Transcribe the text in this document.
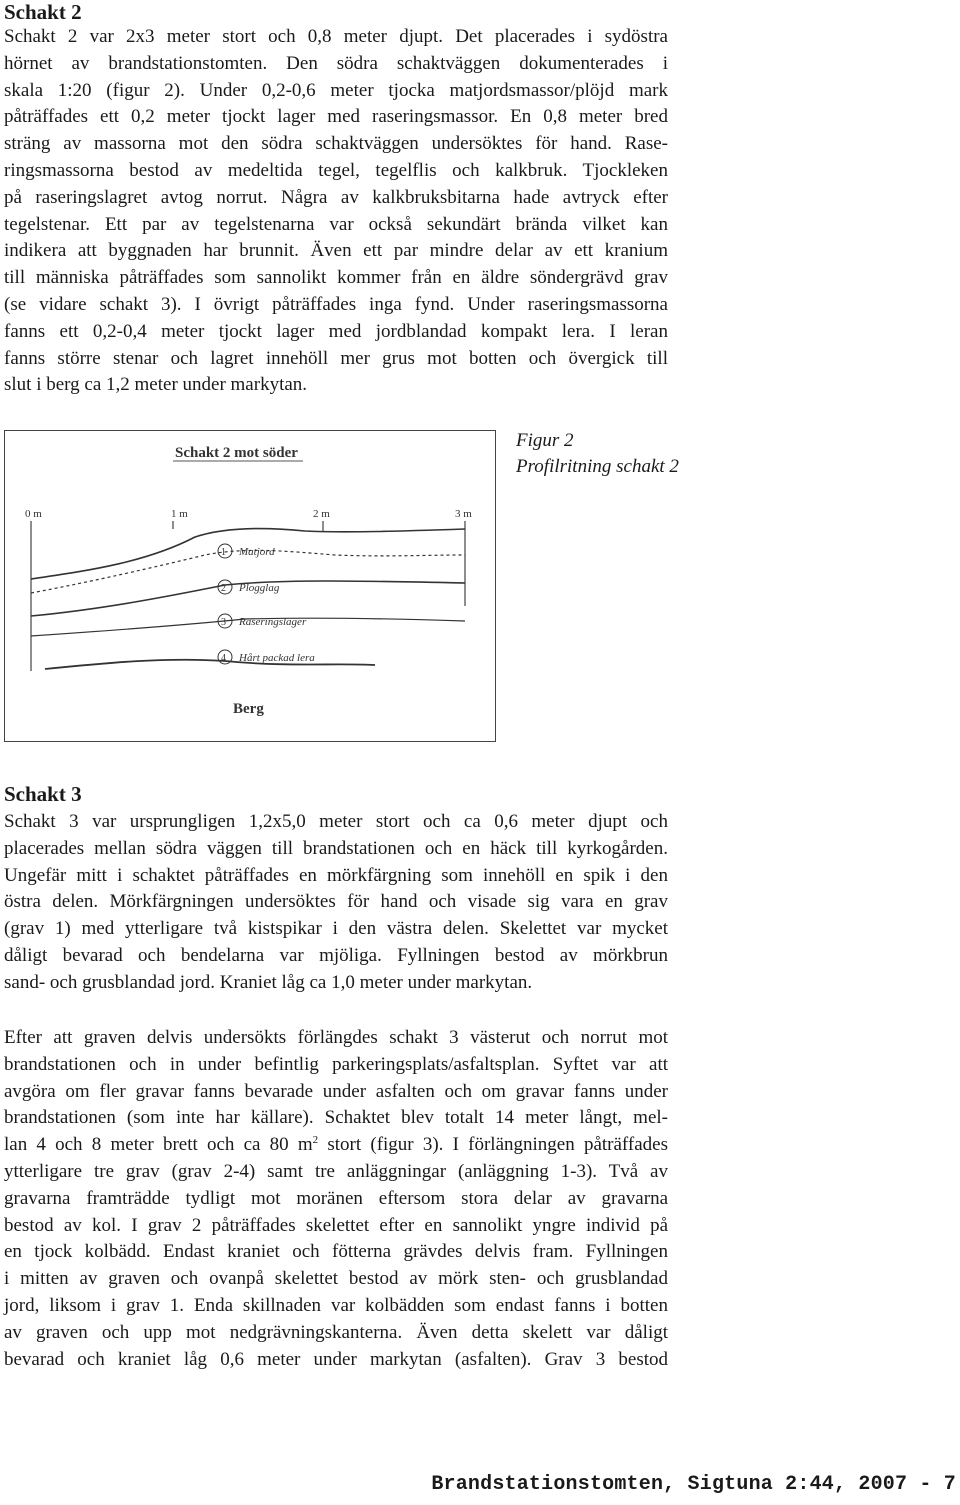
Schakt 2
Schakt 2 var 2x3 meter stort och 0,8 meter djupt. Det placerades i sydöstra
hörnet av brandstationstomten. Den södra schaktväggen dokumenterades i
skala 1:20 (figur 2). Under 0,2-0,6 meter tjocka matjordsmassor/plöjd mark
påträffades ett 0,2 meter tjockt lager med raseringsmassor. En 0,8 meter bred
sträng av massorna mot den södra schaktväggen undersöktes för hand. Rase-
ringsmassorna bestod av medeltida tegel, tegelflis och kalkbruk. Tjockleken
på raseringslagret avtog norrut. Några av kalkbruksbitarna hade avtryck efter
tegelstenar. Ett par av tegelstenarna var också sekundärt brända vilket kan
indikera att byggnaden har brunnit. Även ett par mindre delar av ett kranium
till människa påträffades som sannolikt kommer från en äldre söndergrävd grav
(se vidare schakt 3). I övrigt påträffades inga fynd. Under raseringsmassorna
fanns ett 0,2-0,4 meter tjockt lager med jordblandad kompakt lera. I leran
fanns större stenar och lagret innehöll mer grus mot botten och övergick till
slut i berg ca 1,2 meter under markytan.
Schakt 2 mot söder
0 m	1 m	2 m	3 m
1 Matjord
2 Plogglag
3 Raseringslager
4 Hårt packad lera
Berg
Figur 2
Profilritning schakt 2
Schakt 3
Schakt 3 var ursprungligen 1,2x5,0 meter stort och ca 0,6 meter djupt och
placerades mellan södra väggen till brandstationen och en häck till kyrkogården.
Ungefär mitt i schaktet påträffades en mörkfärgning som innehöll en spik i den
östra delen. Mörkfärgningen undersöktes för hand och visade sig vara en grav
(grav 1) med ytterligare två kistspikar i den västra delen. Skelettet var mycket
dåligt bevarad och bendelarna var mjöliga. Fyllningen bestod av mörkbrun
sand- och grusblandad jord. Kraniet låg ca 1,0 meter under markytan.
Efter att graven delvis undersökts förlängdes schakt 3 västerut och norrut mot
brandstationen och in under befintlig parkeringsplats/asfaltsplan. Syftet var att
avgöra om fler gravar fanns bevarade under asfalten och om gravar fanns under
brandstationen (som inte har källare). Schaktet blev totalt 14 meter långt, mel-
lan 4 och 8 meter brett och ca 80 $m^2$ stort (figur 3). I förlängningen påträffades
ytterligare tre grav (grav 2-4) samt tre anläggningar (anläggning 1-3). Två av
gravarna framträdde tydligt mot moränen eftersom stora delar av gravarna
bestod av kol. I grav 2 påträffades skelettet efter en sannolikt yngre individ på
en tjock kolbädd. Endast kraniet och fötterna grävdes delvis fram. Fyllningen
i mitten av graven och ovanpå skelettet bestod av mörk sten- och grusblandad
jord, liksom i grav 1. Enda skillnaden var kolbädden som endast fanns i botten
av graven och upp mot nedgrävningskanterna. Även detta skelett var dåligt
bevarad och kraniet låg 0,6 meter under markytan (asfalten). Grav 3 bestod
Brandstationstomten, Sigtuna 2:44, 2007 - 7
